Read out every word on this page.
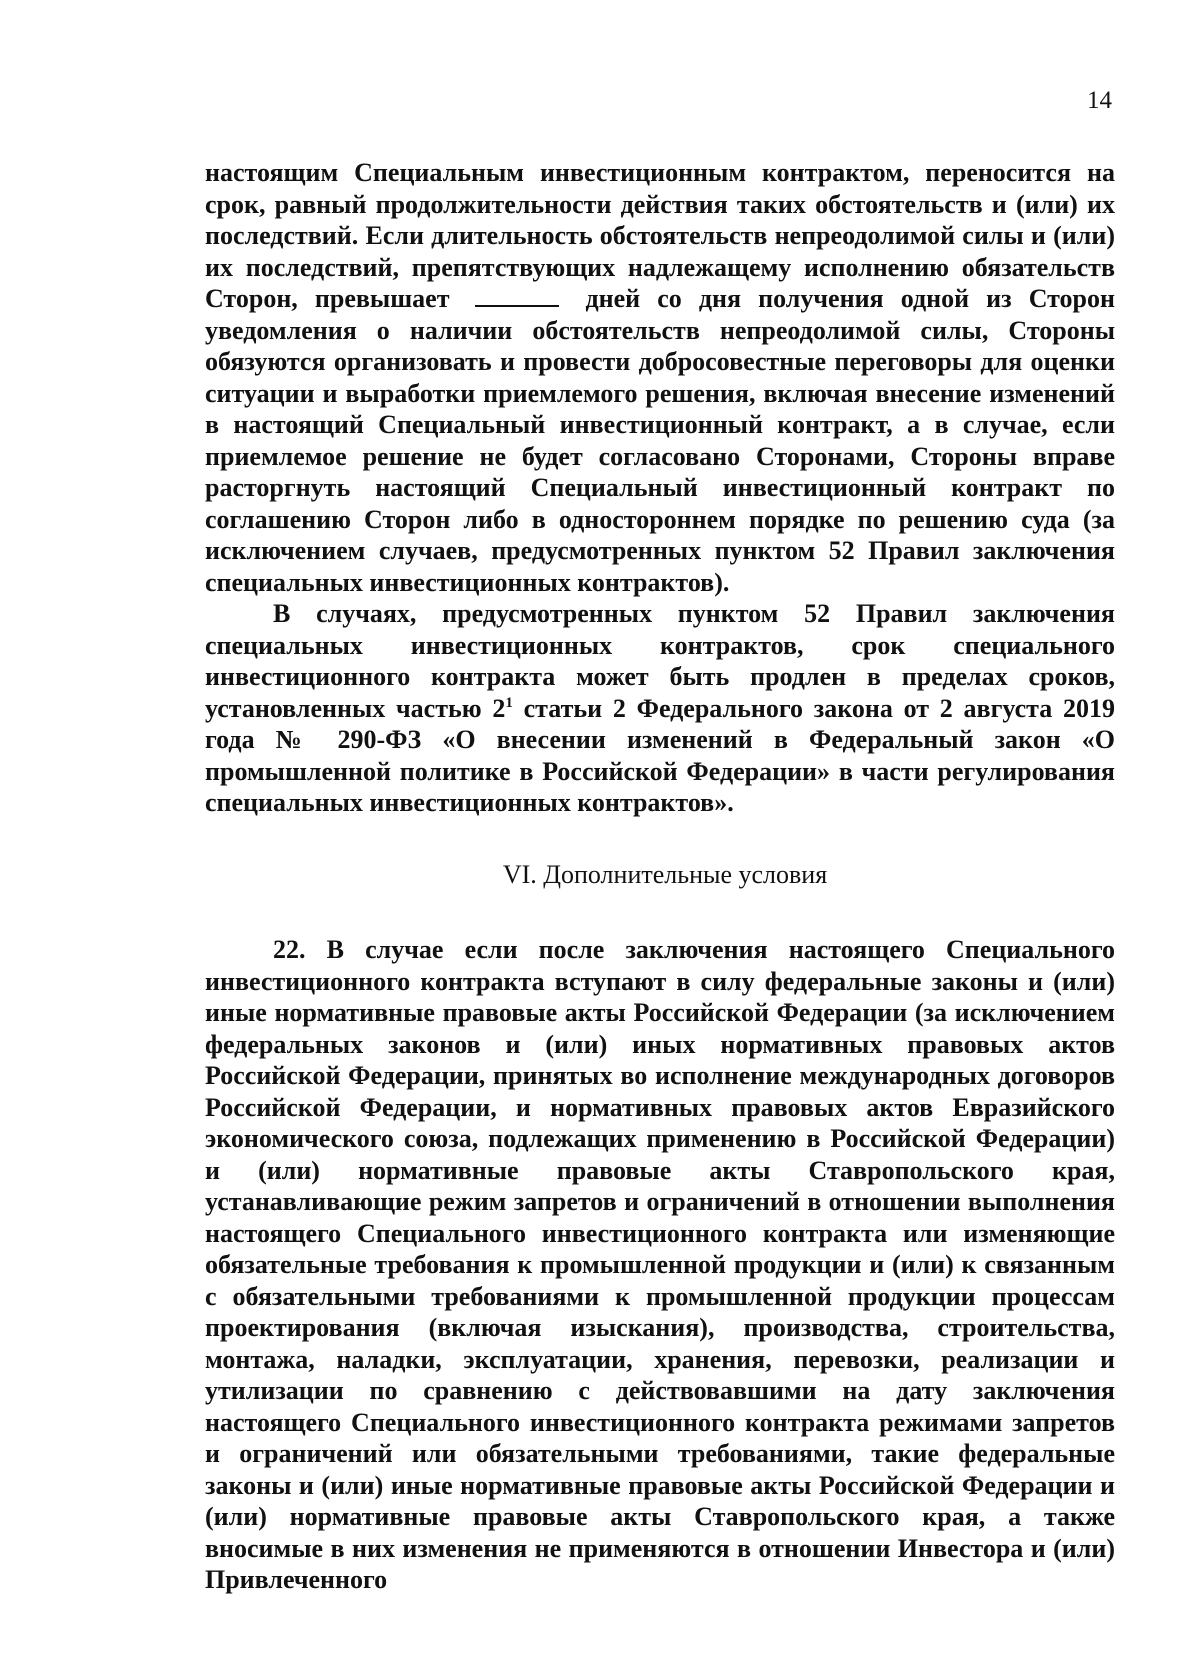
14

настоящим Специальным инвестиционным контрактом, переносится на срок, равный продолжительности действия таких обстоятельств и (или) их последствий. Если длительность обстоятельств непреодолимой силы и (или) их последствий, препятствующих надлежащему исполнению обязательств Сторон, превышает	дней со дня получения одной из Сторон уведомления о наличии обстоятельств непреодолимой силы, Стороны обязуются организовать и провести добросовестные переговоры для оценки ситуации и выработки приемлемого решения, включая внесение изменений в настоящий Специальный инвестиционный контракт, а в случае, если приемлемое решение не будет согласовано Сторонами, Стороны вправе расторгнуть настоящий Специальный инвестиционный контракт по соглашению Сторон либо в одностороннем порядке по решению суда (за исключением случаев, предусмотренных пунктом 52 Правил заключения специальных инвестиционных контрактов).

В случаях, предусмотренных пунктом 52 Правил заключения специальных инвестиционных контрактов, срок специального инвестиционного контракта может быть продлен в пределах сроков, установленных частью $2^1$ статьи 2 Федерального закона от 2 августа 2019 года № 290-ФЗ «О внесении изменений в Федеральный закон «О промышленной политике в Российской Федерации» в части регулирования специальных инвестиционных контрактов».

VI. Дополнительные условия

22. В случае если после заключения настоящего Специального инвестиционного контракта вступают в силу федеральные законы и (или) иные нормативные правовые акты Российской Федерации (за исключением федеральных законов и (или) иных нормативных правовых актов Российской Федерации, принятых во исполнение международных договоров Российской Федерации, и нормативных правовых актов Евразийского экономического союза, подлежащих применению в Российской Федерации) и (или) нормативные правовые акты Ставропольского края, устанавливающие режим запретов и ограничений в отношении выполнения настоящего Специального инвестиционного контракта или изменяющие обязательные требования к промышленной продукции и (или) к связанным с обязательными требованиями к промышленной продукции процессам проектирования (включая изыскания), производства, строительства, монтажа, наладки, эксплуатации, хранения, перевозки, реализации и утилизации по сравнению с действовавшими на дату заключения настоящего Специального инвестиционного контракта режимами запретов и ограничений или обязательными требованиями, такие федеральные законы и (или) иные нормативные правовые акты Российской Федерации и (или) нормативные правовые акты Ставропольского края, а также вносимые в них изменения не применяются в отношении Инвестора и (или) Привлеченного
